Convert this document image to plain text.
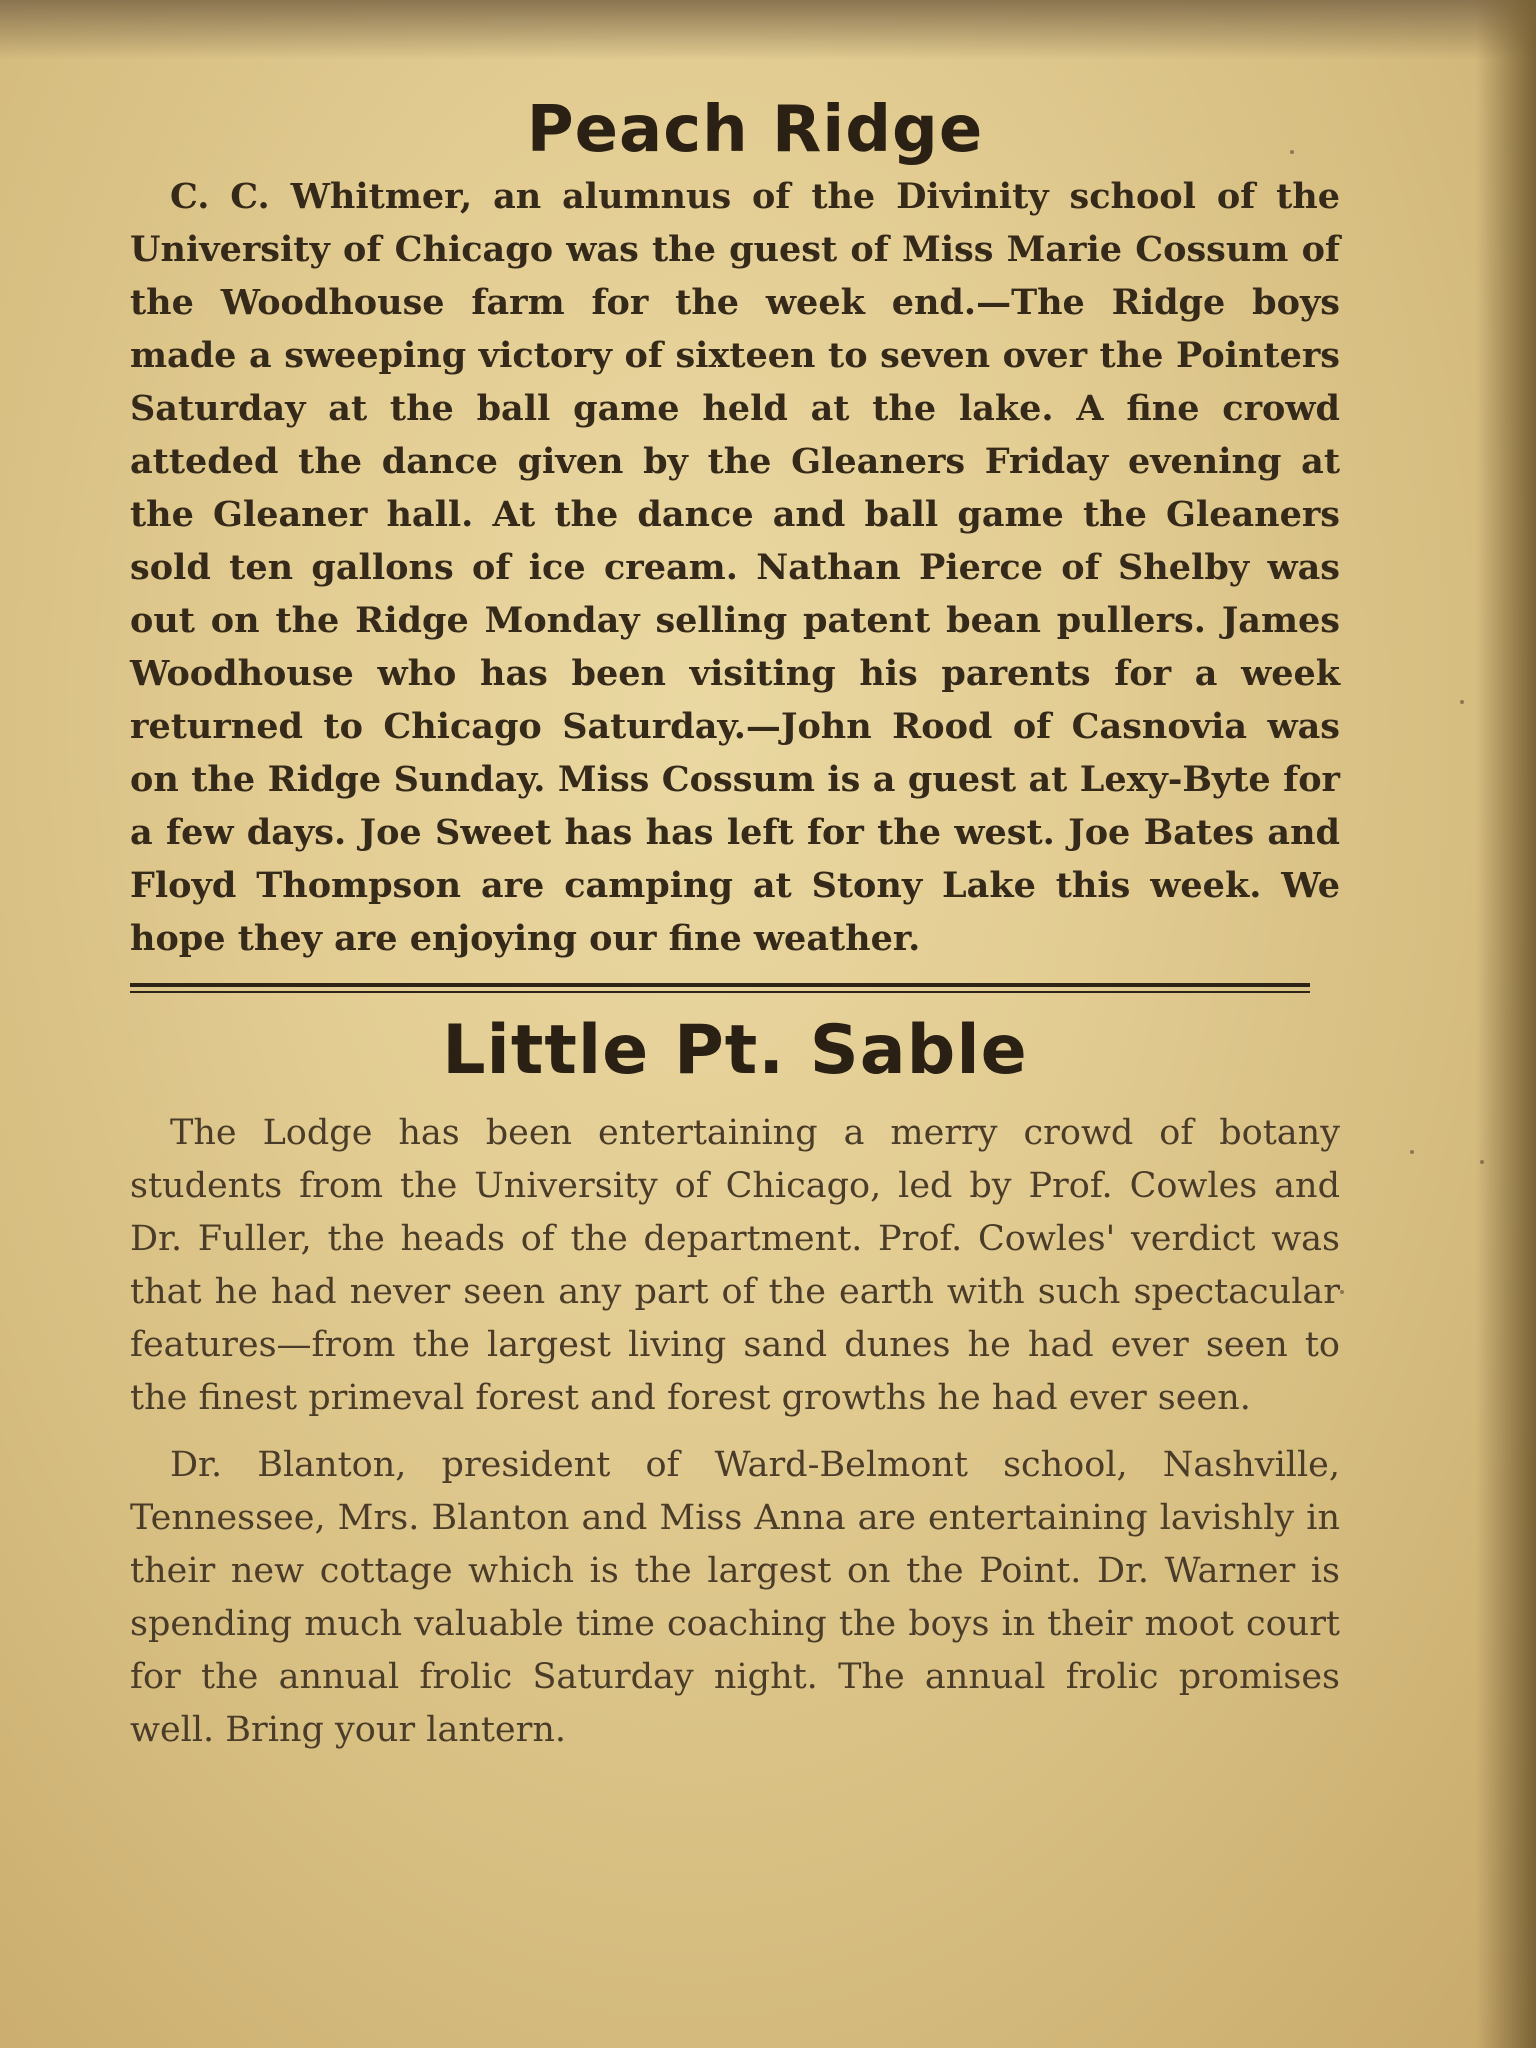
Peach Ridge

C. C. Whitmer, an alumnus of the Divinity school of the University of Chicago was the guest of Miss Marie Cossum of the Woodhouse farm for the week end.—The Ridge boys made a sweeping victory of sixteen to seven over the Pointers Saturday at the ball game held at the lake. A fine crowd atteded the dance given by the Gleaners Friday evening at the Gleaner hall. At the dance and ball game the Gleaners sold ten gallons of ice cream. Nathan Pierce of Shelby was out on the Ridge Monday selling patent bean pullers. James Woodhouse who has been visiting his parents for a week returned to Chicago Saturday.—John Rood of Casnovia was on the Ridge Sunday. Miss Cossum is a guest at Lexy-Byte for a few days. Joe Sweet has has left for the west. Joe Bates and Floyd Thompson are camping at Stony Lake this week. We hope they are enjoying our fine weather.

Little Pt. Sable

The Lodge has been entertaining a merry crowd of botany students from the University of Chicago, led by Prof. Cowles and Dr. Fuller, the heads of the department. Prof. Cowles' verdict was that he had never seen any part of the earth with such spectacular features—from the largest living sand dunes he had ever seen to the finest primeval forest and forest growths he had ever seen.

Dr. Blanton, president of Ward-Belmont school, Nashville, Tennessee, Mrs. Blanton and Miss Anna are entertaining lavishly in their new cottage which is the largest on the Point. Dr. Warner is spending much valuable time coaching the boys in their moot court for the annual frolic Saturday night. The annual frolic promises well. Bring your lantern.
